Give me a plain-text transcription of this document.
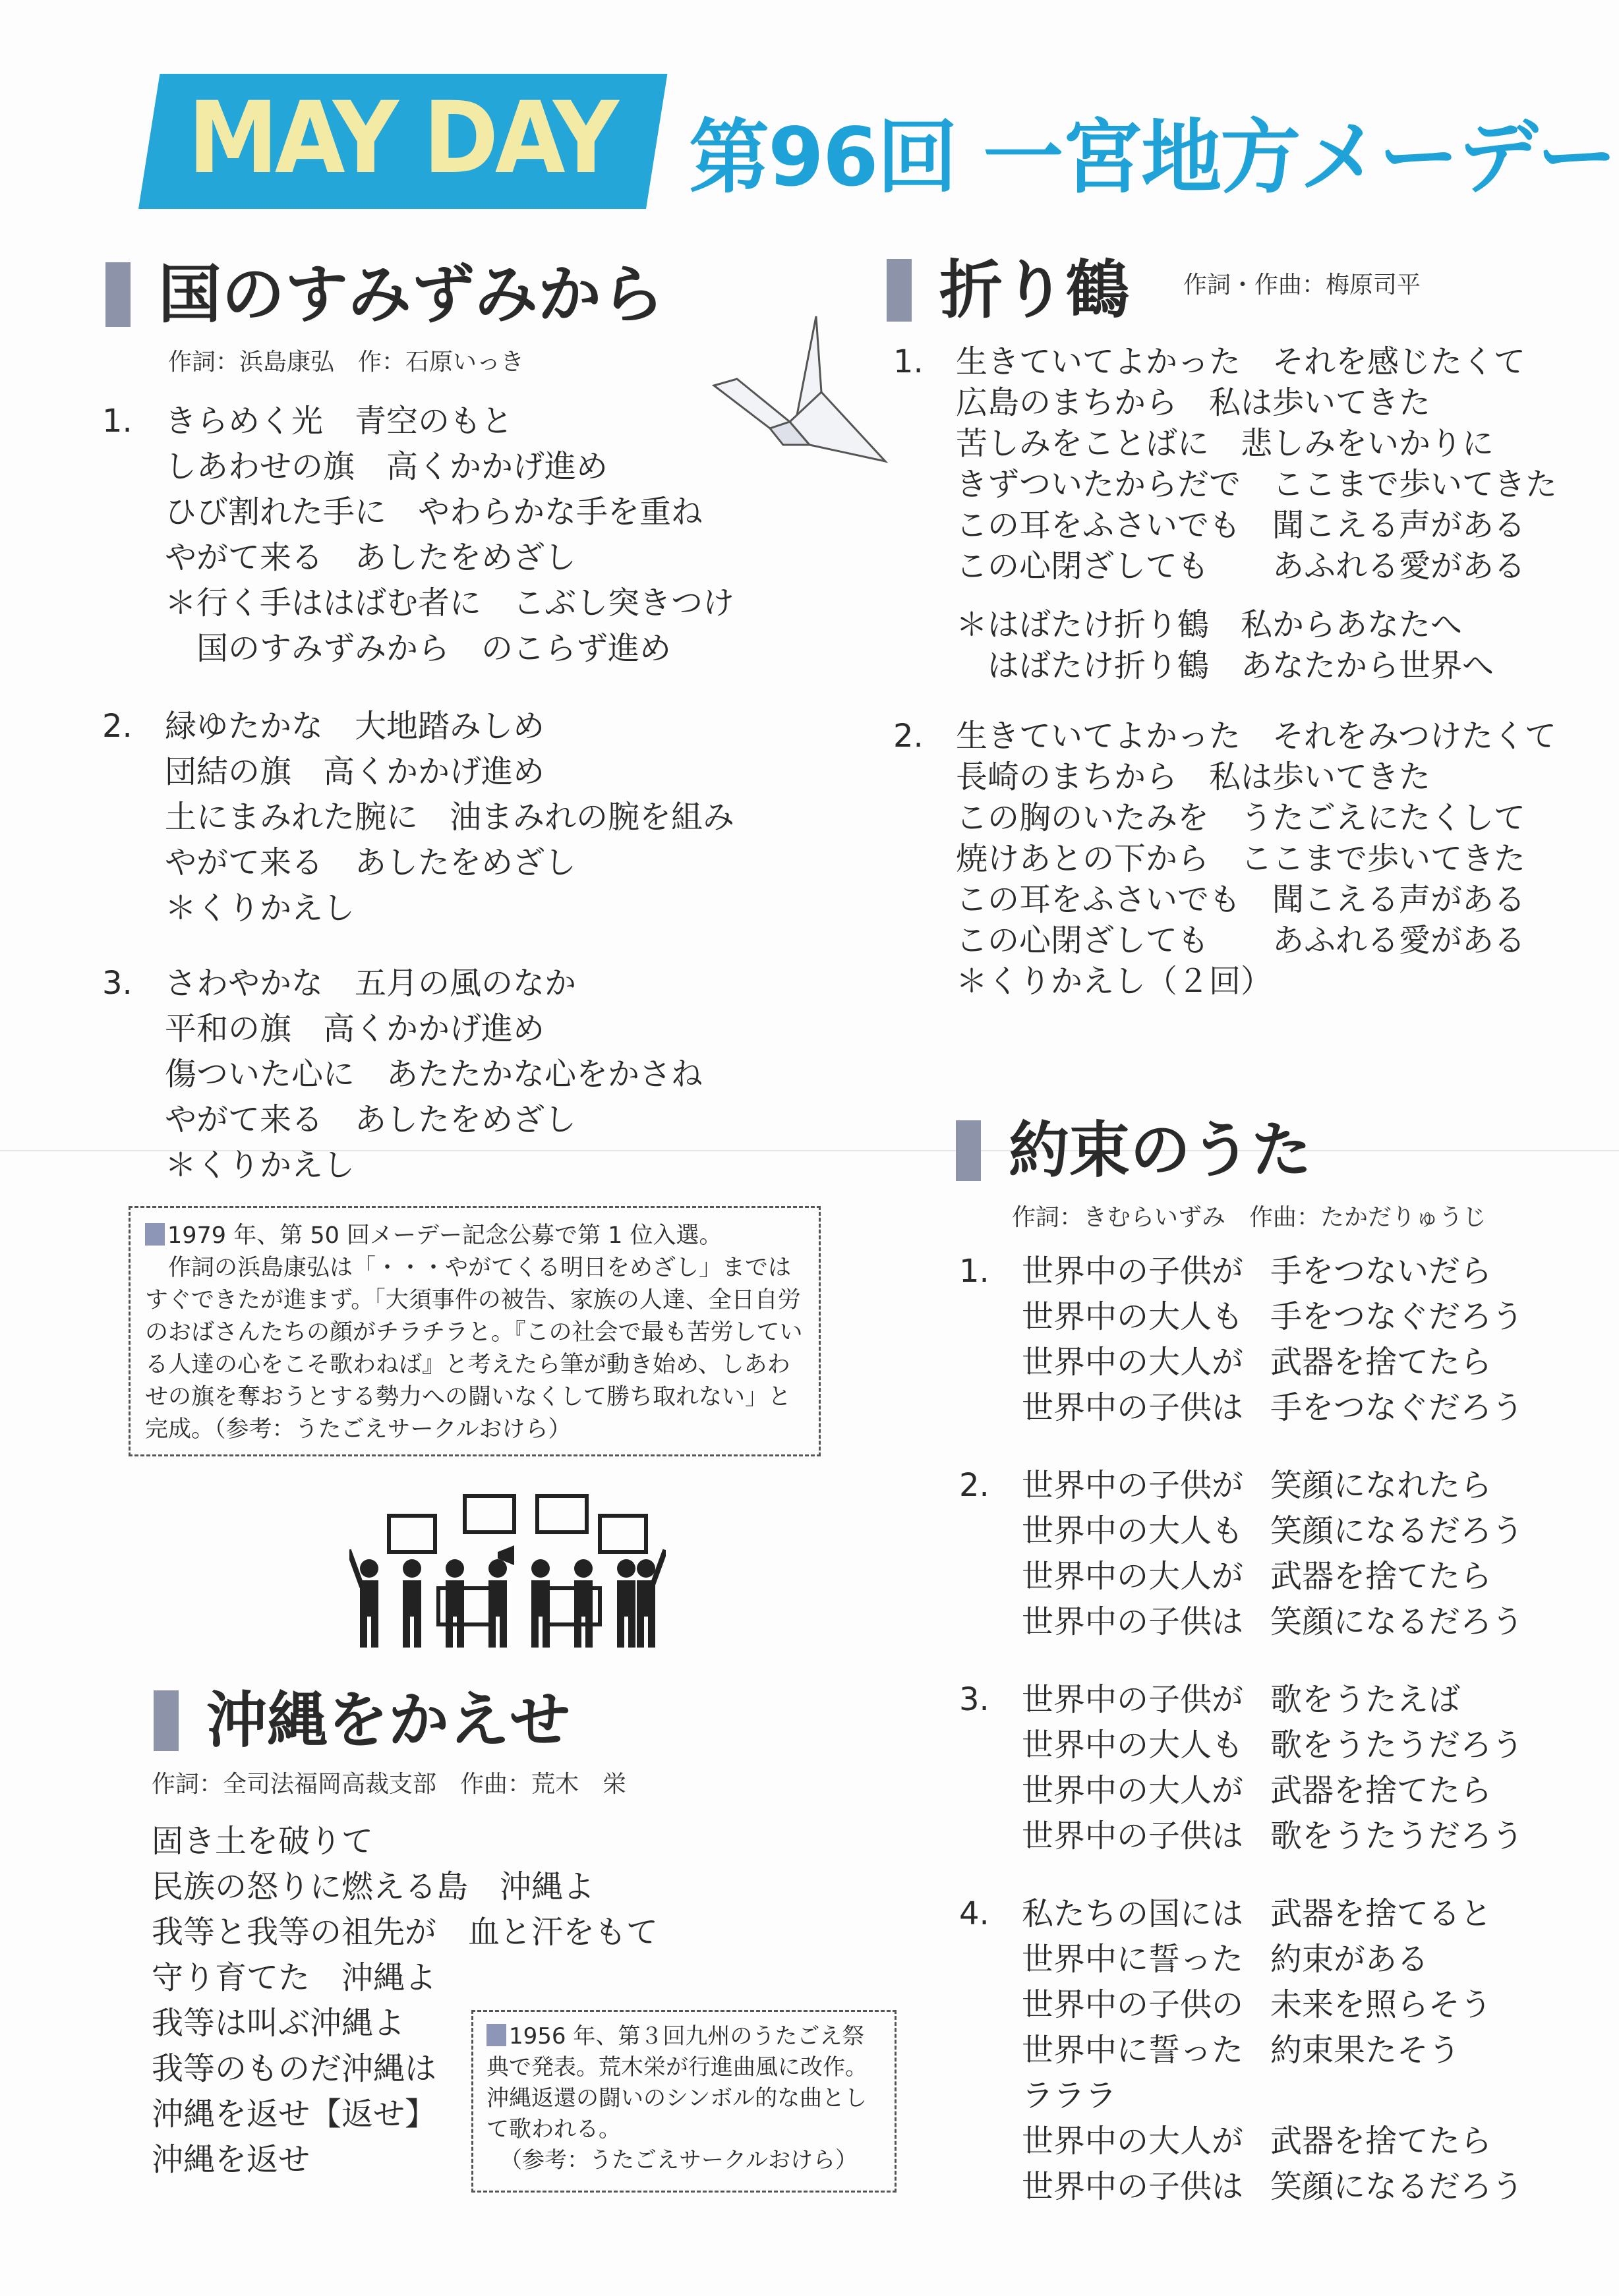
MAY DAY 第96回 一宮地方メーデー
国のすみずみから
作詞：浜島康弘　作：石原いっき
1.	きらめく光　青空のもと
しあわせの旗　高くかかげ進め
ひび割れた手に　やわらかな手を重ね
やがて来る　あしたをめざし
＊行く手ははばむ者に　こぶし突きつけ
　国のすみずみから　のこらず進め
2.	緑ゆたかな　大地踏みしめ
団結の旗　高くかかげ進め
土にまみれた腕に　油まみれの腕を組み
やがて来る　あしたをめざし
＊くりかえし
3.	さわやかな　五月の風のなか
平和の旗　高くかかげ進め
傷ついた心に　あたたかな心をかさね
やがて来る　あしたをめざし
＊くりかえし

1979 年、第 50 回メーデー記念公募で第 1 位入選。

　作詞の浜島康弘は「・・・やがてくる明日をめざし」まではすぐできたが進まず。「大須事件の被告、家族の人達、全日自労のおばさんたちの顔がチラチラと。『この社会で最も苦労している人達の心をこそ歌わねば』と考えたら筆が動き始め、しあわせの旗を奪おうとする勢力への闘いなくして勝ち取れない」と完成。（参考：うたごえサークルおけら）

沖縄をかえせ
作詞：全司法福岡高裁支部　作曲：荒木　栄
固き土を破りて
民族の怒りに燃える島　沖縄よ
我等と我等の祖先が　血と汗をもて
守り育てた　沖縄よ
我等は叫ぶ沖縄よ
我等のものだ沖縄は
沖縄を返せ【返せ】
沖縄を返せ

1956 年、第３回九州のうたごえ祭典で発表。荒木栄が行進曲風に改作。沖縄返還の闘いのシンボル的な曲として歌われる。

（参考：うたごえサークルおけら）

折り鶴 作詞・作曲：梅原司平
1.	生きていてよかった　それを感じたくて
広島のまちから　私は歩いてきた
苦しみをことばに　悲しみをいかりに
きずついたからだで　ここまで歩いてきた
この耳をふさいでも　聞こえる声がある
この心閉ざしても　　あふれる愛がある
＊はばたけ折り鶴　私からあなたへ
　はばたけ折り鶴　あなたから世界へ
2.	生きていてよかった　それをみつけたくて
長崎のまちから　私は歩いてきた
この胸のいたみを　うたごえにたくして
焼けあとの下から　ここまで歩いてきた
この耳をふさいでも　聞こえる声がある
この心閉ざしても　　あふれる愛がある
＊くりかえし（２回）
約束のうた
作詞：きむらいずみ　作曲：たかだりゅうじ
1.	世界中の子供が 手をつないだら
世界中の大人も 手をつなぐだろう
世界中の大人が 武器を捨てたら
世界中の子供は 手をつなぐだろう
2.	世界中の子供が 笑顔になれたら
世界中の大人も 笑顔になるだろう
世界中の大人が 武器を捨てたら
世界中の子供は 笑顔になるだろう
3.	世界中の子供が 歌をうたえば
世界中の大人も 歌をうたうだろう
世界中の大人が 武器を捨てたら
世界中の子供は 歌をうたうだろう
4.	私たちの国には 武器を捨てると
世界中に誓った 約束がある
世界中の子供の 未来を照らそう
世界中に誓った 約束果たそう
ラララ
世界中の大人が 武器を捨てたら
世界中の子供は 笑顔になるだろう
